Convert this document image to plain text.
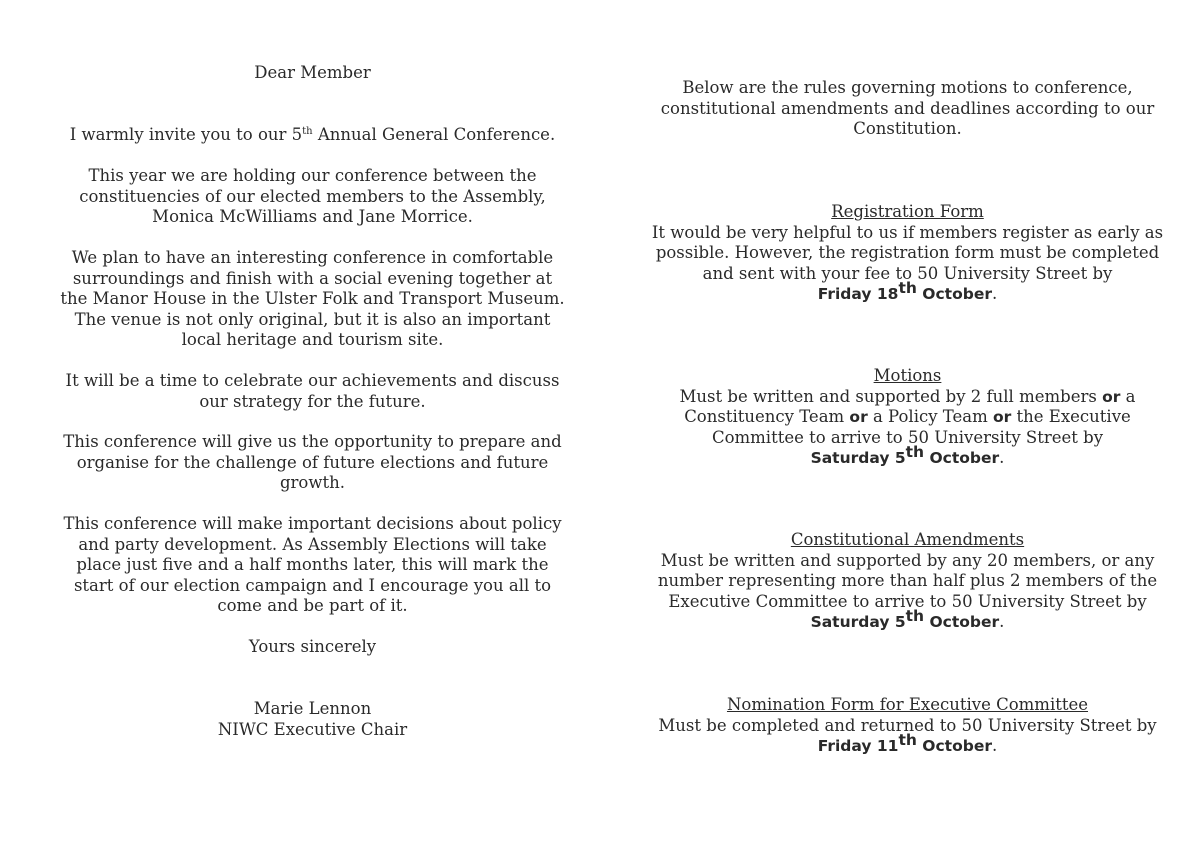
Dear Member
I warmly invite you to our 5th Annual General Conference.
This year we are holding our conference between the
constituencies of our elected members to the Assembly,
Monica McWilliams and Jane Morrice.
We plan to have an interesting conference in comfortable
surroundings and finish with a social evening together at
the Manor House in the Ulster Folk and Transport Museum.
The venue is not only original, but it is also an important
local heritage and tourism site.
It will be a time to celebrate our achievements and discuss
our strategy for the future.
This conference will give us the opportunity to prepare and
organise for the challenge of future elections and future
growth.
This conference will make important decisions about policy
and party development. As Assembly Elections will take
place just five and a half months later, this will mark the
start of our election campaign and I encourage you all to
come and be part of it.
Yours sincerely
Marie Lennon
NIWC Executive Chair
Below are the rules governing motions to conference,
constitutional amendments and deadlines according to our
Constitution.
Registration Form
It would be very helpful to us if members register as early as
possible. However, the registration form must be completed
and sent with your fee to 50 University Street by
Friday 18th October.
Motions
Must be written and supported by 2 full members or a
Constituency Team or a Policy Team or the Executive
Committee to arrive to 50 University Street by
Saturday 5th October.
Constitutional Amendments
Must be written and supported by any 20 members, or any
number representing more than half plus 2 members of the
Executive Committee to arrive to 50 University Street by
Saturday 5th October.
Nomination Form for Executive Committee
Must be completed and returned to 50 University Street by
Friday 11th October.
